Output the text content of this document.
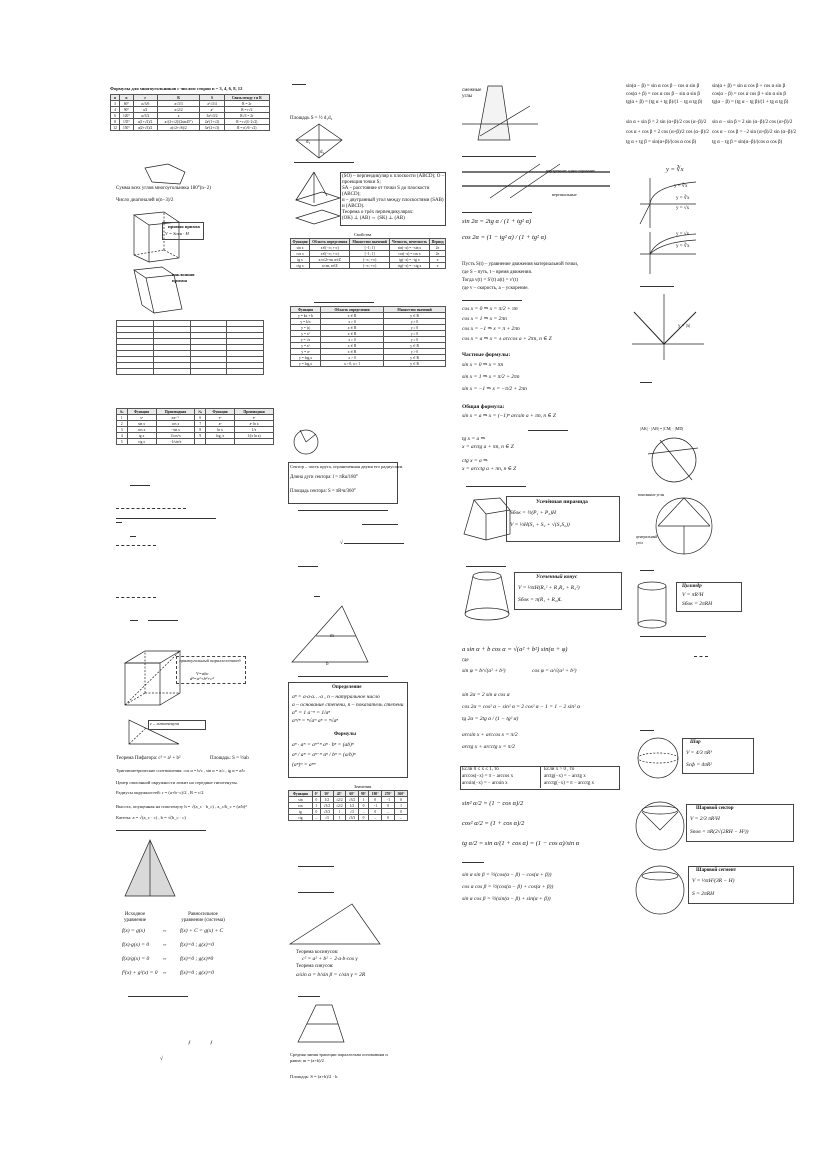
Формулы для многоугольников с числом сторон n = 3, 4, 6, 8, 12
n	α	r	R	S	Связь между r и R
3	60°	a√3/6	a√3/3	a²√3/4	R = 2r
4	90°	a/2	a√2/2	a²	R = r√2
6	120°	a√3/2	a	3a²√3/2	R√3 = 2r
8	135°	a(1+√2)/2	a√(2+√2)/(2sin45°)	2a²(1+√2)	R = r√(4−2√2)
12	150°	a(2+√3)/2	a(√2+√6)/2	3a²(2+√3)	R = r(√6−√2)
Сумма всех углов многоугольника 180°(n−2)
Число диагоналей n(n−3)/2
прямая призма
V = Sосн · H
наклонная призма

№	Функция	Производная	№	Функция	Производная
1	xⁿ	nxⁿ⁻¹	6	eˣ	eˣ
2	sin x	cos x	7	aˣ	aˣ ln a
3	cos x	−sin x	8	ln x	1/x
4	tg x	1/cos²x	9	logₐ x	1/(x ln a)
5	ctg x	−1/sin²x			
прямоугольный параллелепипед
V=abc
d²=a²+b²+c²
c – гипотенуза
Теорема Пифагора: c² = a² + b²	Площадь: S = ½ab
Тригонометрические соотношения: cos α = b/c , sin α = a/c , tg α = a/b
Центр описанной окружности лежит на середине гипотенузы.
Радиусы окружностей: r = (a+b−c)/2 , R = c/2
Высота, опущенная на гипотенузу h = √(a_c · b_c) , a_c/b_c = (a/b)²
Катеты: a = √(a_c · c) , b = √(b_c · c)
Исходное уравнение
Равносильное уравнение (система)
f(x) = g(x)	⇔ f(x) + C = g(x) + C
f(x)·g(x) = 0 ⇔ f(x)=0 ; g(x)=0
f(x)/g(x) = 0 ⇔ f(x)=0 ; g(x)≠0
f²(x) + g²(x) = 0 ⇔ f(x)=0 ; g(x)=0
ƒ	ƒ
√
Площадь S = ½ d₁d₂
d₁
d₂
(SO) – перпендикуляр к плоскости (ABCD); O –
проекция точки S;
SA – расстояние от точки S до плоскости
(ABCD);
α – двугранный угол между плоскостями (SAB)
и (ABCD).
Теорема о трёх перпендикулярах:
(OK) ⊥ (AB) ⇔ (SK) ⊥ (AB)
Свойства
Функция	Область определения	Множество значений	Четность, нечетность	Период
sin x	x∈(−∞; +∞)	[−1; 1]	sin(−x) = −sin x	2π
cos x	x∈(−∞; +∞)	[−1; 1]	cos(−x) = cos x	2π
tg x	x≠π/2+πn, n∈Z	(−∞; +∞)	tg(−x) = −tg x	π
ctg x	x≠πn, n∈Z	(−∞; +∞)	ctg(−x) = −ctg x	π
Функция	Область определения	Множество значений
y = kx + b	x ∈ R	y ∈ R
y = k/x	x ≠ 0	y ≠ 0
y = |x|	x ∈ R	y ≥ 0
y = x²	x ∈ R	y ≥ 0
y = √x	x ≥ 0	y ≥ 0
y = x³	x ∈ R	y ∈ R
y = aˣ	x ∈ R	y > 0
y = logₐx	x > 0	y ∈ R
y = logₐx	a > 0, a ≠ 1	y ∈ R
Сектор – часть круга, ограниченная двумя его радиусами.
Длина дуги сектора: l = πRα/180°
Площадь сектора: S = πR²α/360°
√
m
b
Определение
aⁿ = a·a·a…·a , n – натуральное число
a – основание степени, n – показатель степени
a⁰ = 1 a⁻ⁿ = 1/aⁿ
aᵐ/ⁿ = ⁿ√aᵐ aⁿ = ⁿ√aⁿ
Формулы
aⁿ · aᵐ = aⁿ⁺ᵐ aⁿ · bⁿ = (ab)ⁿ
aⁿ / aᵐ = aⁿ⁻ᵐ aⁿ / bⁿ = (a/b)ⁿ
(aⁿ)ᵐ = aⁿᵐ
Значения
Функция	0°	30°	45°	60°	90°	180°	270°	360°
sin	0	1/2	√2/2	√3/2	1	0	−1	0
cos	1	√3/2	√2/2	1/2	0	−1	0	1
tg	0	√3/3	1	√3	–	0	–	0
ctg	–	√3	1	√3/3	0	–	0	–
Теорема косинусов:
c² = a² + b² − 2·a·b·cos γ
Теорема синусов:
a/sin α = b/sin β = c/sin γ = 2R
Средняя линия трапеции параллельна основаниям и равна: m = (a+b)/2
Площадь: S = (a+b)/2 · h
смежные углы
внутренние односторонние
вертикальные
sin 2α = 2tg α / (1 + tg² α)
cos 2α = (1 − tg² α) / (1 + tg² α)
Пусть S(t) – уравнение движения материальной точки,
где S – путь, t – время движения.
Тогда v(t) = S′(t) a(t) = v′(t)
где v – скорость, a – ускорение.
cos x = 0 ⇒ x = π/2 + πn
cos x = 1 ⇒ x = 2πn
cos x = −1 ⇒ x = π + 2πn
cos x = a ⇒ x = ± arccos a + 2πn, n ∈ Z
Частные формулы:
sin x = 0 ⇒ x = πn
sin x = 1 ⇒ x = π/2 + 2πn
sin x = −1 ⇒ x = −π/2 + 2πn
Общая формула:
sin x = a ⇒ x = (−1)ⁿ arcsin a + πn, n ∈ Z
tg x = a ⇒
x = arctg a + πn, n ∈ Z
ctg x = a ⇒
x = arcctg a + πn, n ∈ Z
Усечённая пирамида
Sбок = ½(P₁ + P₂)H
V = ⅓H(S₁ + S₂ + √(S₁S₂))
Усеченный конус
V = ⅓πH(R₁² + R₁R₂ + R₂²)
Sбок = π(R₁ + R₂)L
a sin α + b cos α = √(a² + b²) sin(α + φ)
где
sin φ = b/√(a² + b²)	cos φ = a/√(a² + b²)
sin 2α = 2 sin α cos α
cos 2α = cos² α − sin² α = 2 cos² α − 1 = 1 − 2 sin² α
tg 2α = 2tg α / (1 − tg² α)
arcsin x + arccos x = π/2
arctg x + arcctg x = π/2
Если 0 ≤ x ≤ 1, то
arccos(−x) = π − arccos x
arcsin(−x) = − arcsin x
Если x > 0 , то
arctg(−x) = − arctg x
arcctg(−x) = π − arcctg x
sin² α/2 = (1 − cos α)/2
cos² α/2 = (1 + cos α)/2
tg α/2 = sin α/(1 + cos α) = (1 − cos α)/sin α
sin α sin β = ½(cos(α − β) − cos(α + β))
cos α cos β = ½(cos(α − β) + cos(α + β))
sin α cos β = ½(sin(α − β) + sin(α + β))
sin(α − β) = sin α cos β − cos α sin β
cos(α + β) = cos α cos β − sin α sin β
tg(α + β) = (tg α + tg β)/(1 − tg α tg β)
sin(α + β) = sin α cos β + cos α sin β
cos(α − β) = cos α cos β + sin α sin β
tg(α − β) = (tg α − tg β)/(1 + tg α tg β)
sin α + sin β = 2 sin (α+β)/2 cos (α−β)/2
cos α + cos β = 2 cos (α+β)/2 cos (α−β)/2
tg α + tg β = sin(α+β)/(cos α cos β)
sin α − sin β = 2 sin (α−β)/2 cos (α+β)/2
cos α − cos β = −2 sin (α+β)/2 sin (α−β)/2
tg α − tg β = sin(α−β)/(cos α cos β)
y = ∛x
y = ∜x
y = ∛x
y = √x
y = √x
y = ∛x
y = |x|
|AK| · |AB| = |CM| · |MD|
вписанные углы
центральный угол
Цилиндр
V = πR²H
Sбок = 2πRH
Шар
V = 4/3 πR³
Sсф = 4πR²
Шаровой сектор
V = 2/3 πR²H
Sпов = πR(2√(2RH − H²))
Шаровой сегмент
V = ⅓πH²(3R − H)
S = 2πRH
